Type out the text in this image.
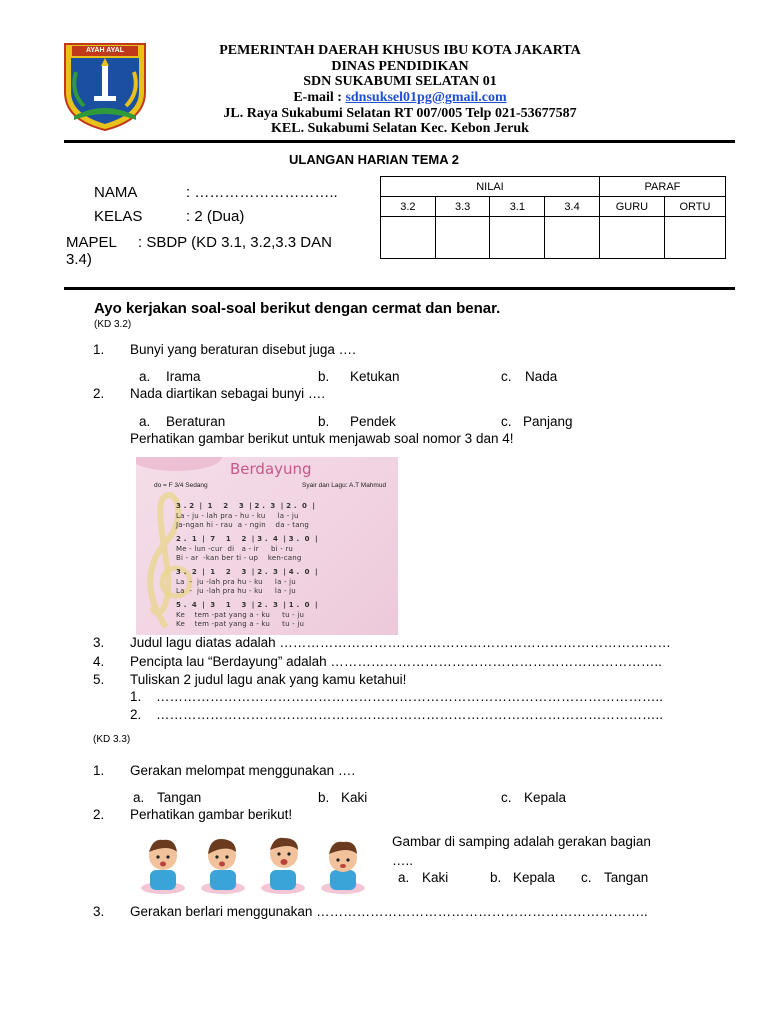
AYAH AYAL	PEMERINTAH DAERAH KHUSUS IBU KOTA JAKARTA
DINAS PENDIDIKAN
SDN SUKABUMI SELATAN 01
E-mail : sdnsuksel01pg@gmail.com
JL. Raya Sukabumi Selatan RT 007/005 Telp 021-53677587
KEL. Sukabumi Selatan Kec. Kebon Jeruk
ULANGAN HARIAN TEMA 2
NAMA	: ………………………..
KELAS	: 2 (Dua)
MAPEL : SBDP (KD 3.1, 3.2,3.3 DAN
3.4)
NILAI				PARAF	
3.2	3.3	3.1	3.4	GURU	ORTU

Ayo kerjakan soal-soal berikut dengan cermat dan benar.
(KD 3.2)
1. Bunyi yang beraturan disebut juga ….
a. Irama	b. Ketukan	c. Nada
2. Nada diartikan sebagai bunyi ….
a. Beraturan	b. Pendek	c. Panjang
Perhatikan gambar berikut untuk menjawab soal nomor 3 dan 4!
Berdayung
do = F 3/4 Sedang	Syair dan Lagu: A.T Mahmud
3 . 2  |  1    2    3  | 2 .  3  | 2 .  0  |
La - ju - lah pra - hu - ku     la - ju
Ja-ngan hi - rau  a - ngin    da - tang
2 .  1  |  7    1    2  | 3 .  4  | 3 .  0  |
Me - lun -cur  di   a - ir     bi - ru
Bi - ar  -kan ber ti - up    ken-cang
3 .  2  |  1    2    3  | 2 .  3  | 4 .  0  |
La  -  ju -lah pra hu - ku     la - ju
La  -  ju -lah pra hu - ku     la - ju
5 .  4  |  3    1    3  | 2 .  3  | 1 .  0  |
Ke    tem -pat yang a - ku     tu - ju
Ke    tem -pat yang a - ku     tu - ju
3. Judul lagu diatas adalah ……………………………………………………………………………
4. Pencipta lau “Berdayung” adalah ………………………………………………………………..
5. Tuliskan 2 judul lagu anak yang kamu ketahui!
1. …………………………………………………………………………………………………..
2. …………………………………………………………………………………………………..
(KD 3.3)
1. Gerakan melompat menggunakan ….
a. Tangan	b. Kaki	c. Kepala
2. Perhatikan gambar berikut!
Gambar di samping adalah gerakan bagian
…..
a. Kaki	b. Kepala c. Tangan
3. Gerakan berlari menggunakan ………………………………………………………………..
